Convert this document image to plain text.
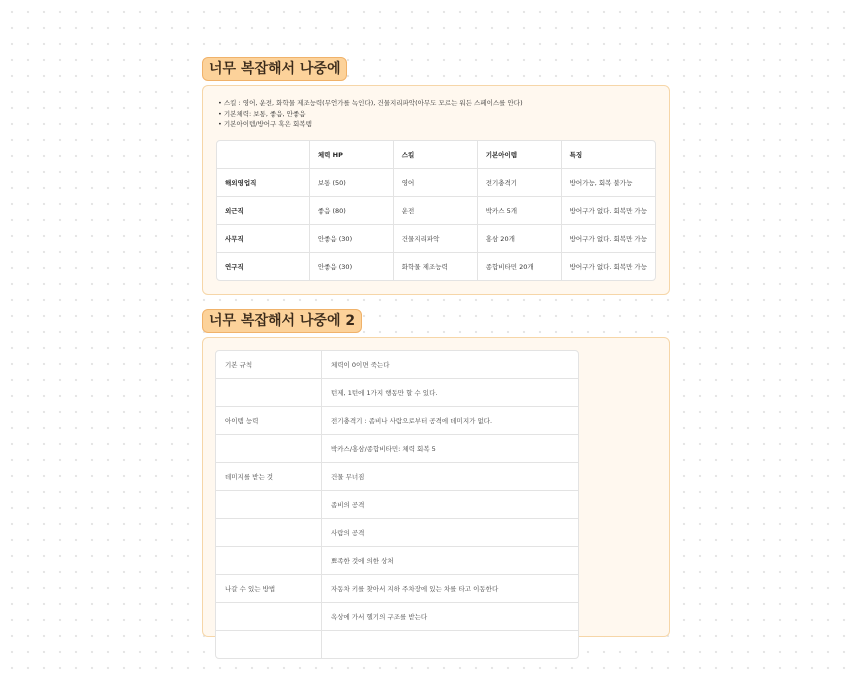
너무 복잡해서 나중에
• 스킬 : 영어, 운전, 화학물 제조능력(무언가를 녹인다), 건물지리파악(아무도 모르는 워든 스페이스를 안다)
• 기본체력: 보통, 좋음, 안좋음
• 기본아이템/방어구 혹은 회복템
	체력 HP	스킬	기본아이템	특징
해외영업직	보통 (50)	영어	전기충격기	방어가능, 회복 불가능
외근직	좋음 (80)	운전	박카스 5개	방어구가 없다. 회복만 가능
사무직	안좋음 (30)	건물지리파악	홍삼 20개	방어구가 없다. 회복만 가능
연구직	안좋음 (30)	화학물 제조능력	종합비타민 20개	방어구가 없다. 회복만 가능
너무 복잡해서 나중에 2
기본 규칙	체력이 0이면 죽는다
	턴제, 1턴에 1가지 행동만 할 수 있다.
아이템 능력	전기충격기 : 좀비나 사람으로부터 공격에 데미지가 없다.
	박카스/홍삼/종합비타민: 체력 회복 5
데미지를 받는 것	건물 무너짐
	좀비의 공격
	사람의 공격
	뾰족한 것에 의한 상처
나갈 수 있는 방법	자동차 키를 찾아서 지하 주차장에 있는 차를 타고 이동한다
	옥상에 가서 헬기의 구조를 받는다
